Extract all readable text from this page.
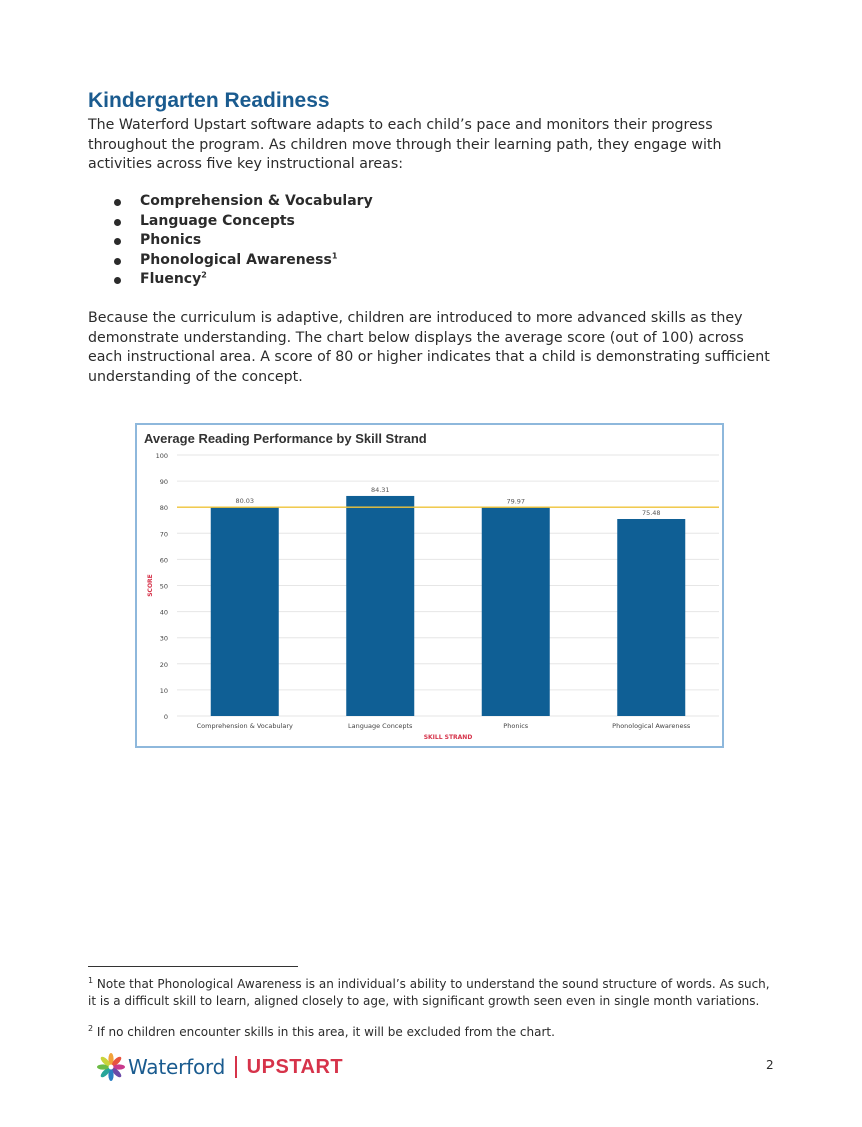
Kindergarten Readiness

The Waterford Upstart software adapts to each child’s pace and monitors their progress throughout the program. As children move through their learning path, they engage with activities across five key instructional areas:

Comprehension & Vocabulary
Language Concepts
Phonics
Phonological Awareness$^1$
Fluency$^2$

Because the curriculum is adaptive, children are introduced to more advanced skills as they demonstrate understanding. The chart below displays the average score (out of 100) across each instructional area. A score of 80 or higher indicates that a child is demonstrating sufficient understanding of the concept.

Average Reading Performance by Skill Strand
0
10
20
30
40
50
60
70
80
90
100
SCORE
80.03
Comprehension & Vocabulary
84.31
Language Concepts
79.97
Phonics
75.48
Phonological Awareness
SKILL STRAND

$^1$ Note that Phonological Awareness is an individual’s ability to understand the sound structure of words. As such, it is a difficult skill to learn, aligned closely to age, with significant growth seen even in single month variations.

$^2$ If no children encounter skills in this area, it will be excluded from the chart.

Waterford UPSTART	2
